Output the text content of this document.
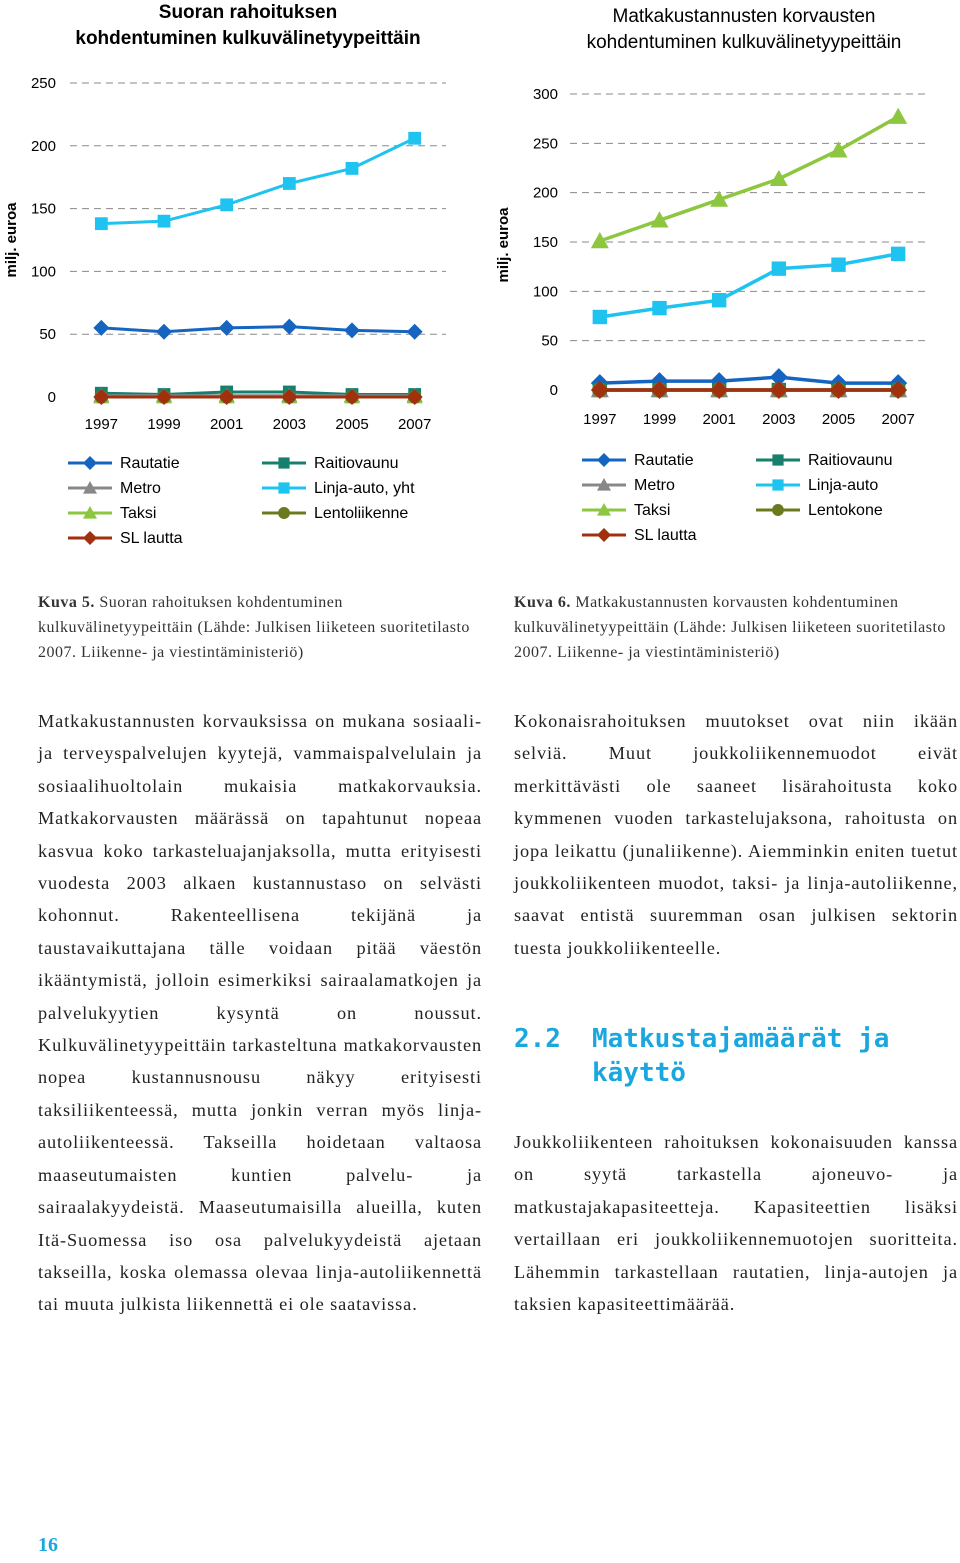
Suoran rahoituksen
kohdentuminen kulkuvälinetyypeittäin
milj. euroa
0
50
100
150
200
250
1997 1999 2001 2003 2005 2007
Rautatie	Raitiovaunu
Metro	Linja-auto, yht
Taksi	Lentoliikenne
SL lautta
Matkakustannusten korvausten
kohdentuminen kulkuvälinetyypeittäin
milj. euroa
0
50
100
150
200
250
300
1997 1999 2001 2003 2005 2007
Rautatie	Raitiovaunu
Metro	Linja-auto
Taksi	Lentokone
SL lautta
Kuva 5. Suoran rahoituksen kohdentuminen kulkuvälinetyypeittäin (Lähde: Julkisen liiketeen suoritetilasto 2007. Liikenne- ja viestintäministeriö)
Kuva 6. Matkakustannusten korvausten kohdentuminen kulkuvälinetyypeittäin (Lähde: Julkisen liiketeen suoritetilasto 2007. Liikenne- ja viestintäministeriö)

Matkakustannusten korvauksissa on mukana sosiaali- ja terveyspalvelujen kyytejä, vammaispalvelulain ja sosiaalihuoltolain mukaisia matkakorvauksia. Matkakorvausten määrässä on tapahtunut nopeaa kasvua koko tarkasteluajanjaksolla, mutta erityisesti vuodesta 2003 alkaen kustannustaso on selvästi kohonnut. Rakenteellisena tekijänä ja taustavaikuttajana tälle voidaan pitää väestön ikääntymistä, jolloin esimerkiksi sairaalamatkojen ja palvelukyytien kysyntä on noussut. Kulkuvälinetyypeittäin tarkasteltuna matkakorvausten nopea kustannusnousu näkyy erityisesti taksiliikenteessä, mutta jonkin verran myös linja-autoliikenteessä. Takseilla hoidetaan valtaosa maaseutumaisten kuntien palvelu- ja sairaalakyydeistä. Maaseutumaisilla alueilla, kuten Itä-Suomessa iso osa palvelukyydeistä ajetaan takseilla, koska olemassa olevaa linja-autoliikennettä tai muuta julkista liikennettä ei ole saatavissa.

Kokonaisrahoituksen muutokset ovat niin ikään selviä. Muut joukkoliikennemuodot eivät merkittävästi ole saaneet lisärahoitusta koko kymmenen vuoden tarkastelujaksona, rahoitusta on jopa leikattu (junaliikenne). Aiemminkin eniten tuetut joukkoliikenteen muodot, taksi- ja linja-autoliikenne, saavat entistä suuremman osan julkisen sektorin tuesta joukkoliikenteelle.

2.2	Matkustajamäärät ja käyttö

Joukkoliikenteen rahoituksen kokonaisuuden kanssa on syytä tarkastella ajoneuvo- ja matkustajakapasiteetteja. Kapasiteettien lisäksi vertaillaan eri joukkoliikennemuotojen suoritteita. Lähemmin tarkastellaan rautatien, linja-autojen ja taksien kapasiteettimäärää.

16
